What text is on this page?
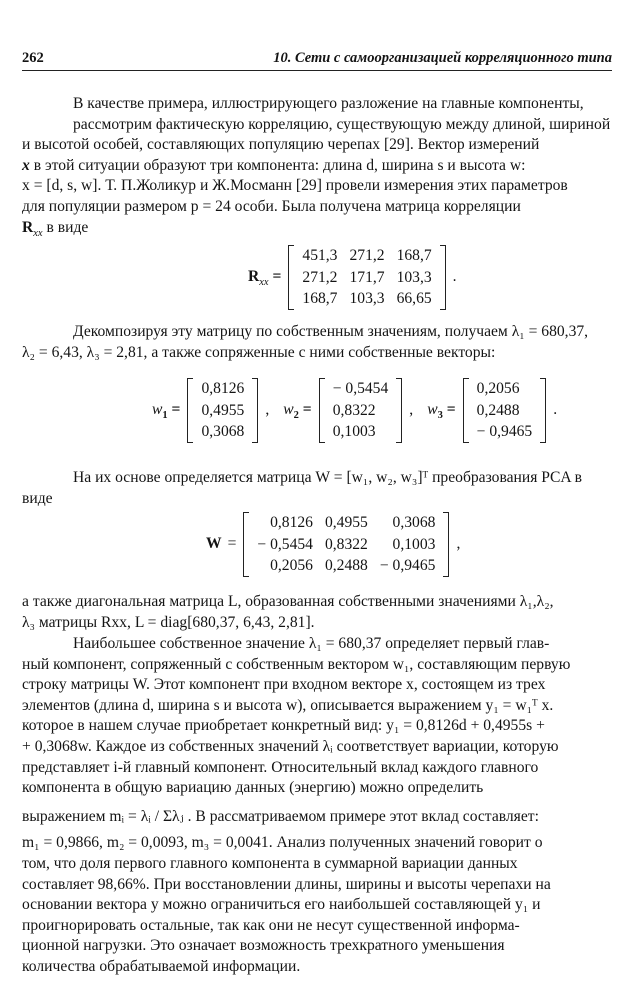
262	10. Сети с самоорганизацией корреляционного типа
В качестве примера, иллюстрирующего разложение на главные компоненты,
рассмотрим фактическую корреляцию, существующую между длиной, шириной
и высотой особей, составляющих популяцию черепах [29]. Вектор измерений
x в этой ситуации образуют три компонента: длина d, ширина s и высота w:
x = [d, s, w]. Т. П.Жоликур и Ж.Мосманн [29] провели измерения этих параметров
для популяции размером p = 24 особи. Была получена матрица корреляции
$R_{xx}$ в виде
$R_{xx}$ =
451,3	271,2	168,7
271,2	171,7	103,3
168,7	103,3	66,65
.
Декомпозируя эту матрицу по собственным значениям, получаем λ₁ = 680,37,
λ₂ = 6,43, λ₃ = 2,81, а также сопряженные с ними собственные векторы:
$w_1$ =
0,8126
0,4955
0,3068
, $w_2$ =
− 0,5454
0,8322
0,1003
, $w_3$ =
0,2056
0,2488
− 0,9465
.
На их основе определяется матрица W = [w₁, w₂, w₃]ᵀ преобразования PCA в
виде
W =
0,8126	0,4955	0,3068
− 0,5454	0,8322	0,1003
0,2056	0,2488	− 0,9465
,
а также диагональная матрица L, образованная собственными значениями λ₁,λ₂,
λ₃ матрицы Rxx, L = diag[680,37, 6,43, 2,81].
Наибольшее собственное значение λ₁ = 680,37 определяет первый глав-
ный компонент, сопряженный с собственным вектором w₁, составляющим первую
строку матрицы W. Этот компонент при входном векторе x, состоящем из трех
элементов (длина d, ширина s и высота w), описывается выражением y₁ = w₁ᵀ x.
которое в нашем случае приобретает конкретный вид: y₁ = 0,8126d + 0,4955s +
+ 0,3068w. Каждое из собственных значений λᵢ соответствует вариации, которую
представляет i-й главный компонент. Относительный вклад каждого главного
компонента в общую вариацию данных (энергию) можно определить
выражением mᵢ = λᵢ / Σλⱼ . В рассматриваемом примере этот вклад составляет:
m₁ = 0,9866, m₂ = 0,0093, m₃ = 0,0041. Анализ полученных значений говорит о
том, что доля первого главного компонента в суммарной вариации данных
составляет 98,66%. При восстановлении длины, ширины и высоты черепахи на
основании вектора y можно ограничиться его наибольшей составляющей y₁ и
проигнорировать остальные, так как они не несут существенной информа-
ционной нагрузки. Это означает возможность трехкратного уменьшения
количества обрабатываемой информации.
